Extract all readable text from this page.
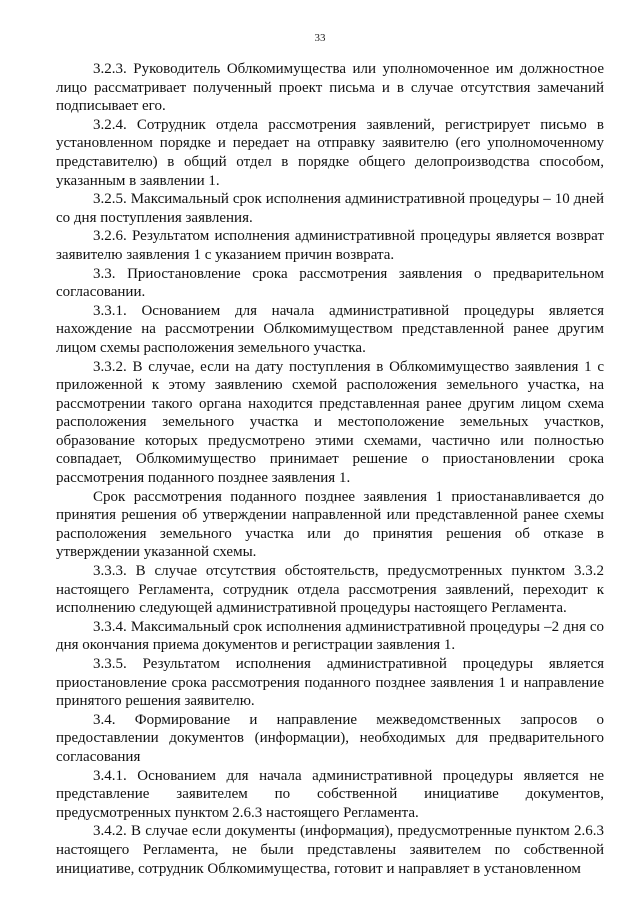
33

3.2.3. Руководитель Облкомимущества или уполномоченное им должностное лицо рассматривает полученный проект письма и в случае отсутствия замечаний подписывает его.

3.2.4. Сотрудник отдела рассмотрения заявлений, регистрирует письмо в установленном порядке и передает на отправку заявителю (его уполномоченному представителю) в общий отдел в порядке общего делопроизводства способом, указанным в заявлении 1.

3.2.5. Максимальный срок исполнения административной процедуры – 10 дней со дня поступления заявления.

3.2.6. Результатом исполнения административной процедуры является возврат заявителю заявления 1 с указанием причин возврата.

3.3. Приостановление срока рассмотрения заявления о предварительном согласовании.

3.3.1. Основанием для начала административной процедуры является нахождение на рассмотрении Облкомимуществом представленной ранее другим лицом схемы расположения земельного участка.

3.3.2. В случае, если на дату поступления в Облкомимущество заявления 1 с приложенной к этому заявлению схемой расположения земельного участка, на рассмотрении такого органа находится представленная ранее другим лицом схема расположения земельного участка и местоположение земельных участков, образование которых предусмотрено этими схемами, частично или полностью совпадает, Облкомимущество принимает решение о приостановлении срока рассмотрения поданного позднее заявления 1.

Срок рассмотрения поданного позднее заявления 1 приостанавливается до принятия решения об утверждении направленной или представленной ранее схемы расположения земельного участка или до принятия решения об отказе в утверждении указанной схемы.

3.3.3. В случае отсутствия обстоятельств, предусмотренных пунктом 3.3.2 настоящего Регламента, сотрудник отдела рассмотрения заявлений, переходит к исполнению следующей административной процедуры настоящего Регламента.

3.3.4. Максимальный срок исполнения административной процедуры –2 дня со дня окончания приема документов и регистрации заявления 1.

3.3.5. Результатом исполнения административной процедуры является приостановление срока рассмотрения поданного позднее заявления 1 и направление принятого решения заявителю.

3.4. Формирование и направление межведомственных запросов о предоставлении документов (информации), необходимых для предварительного согласования

3.4.1. Основанием для начала административной процедуры является не представление заявителем по собственной инициативе документов, предусмотренных пунктом 2.6.3 настоящего Регламента.

3.4.2. В случае если документы (информация), предусмотренные пунктом 2.6.3 настоящего Регламента, не были представлены заявителем по собственной инициативе, сотрудник Облкомимущества, готовит и направляет в установленном
